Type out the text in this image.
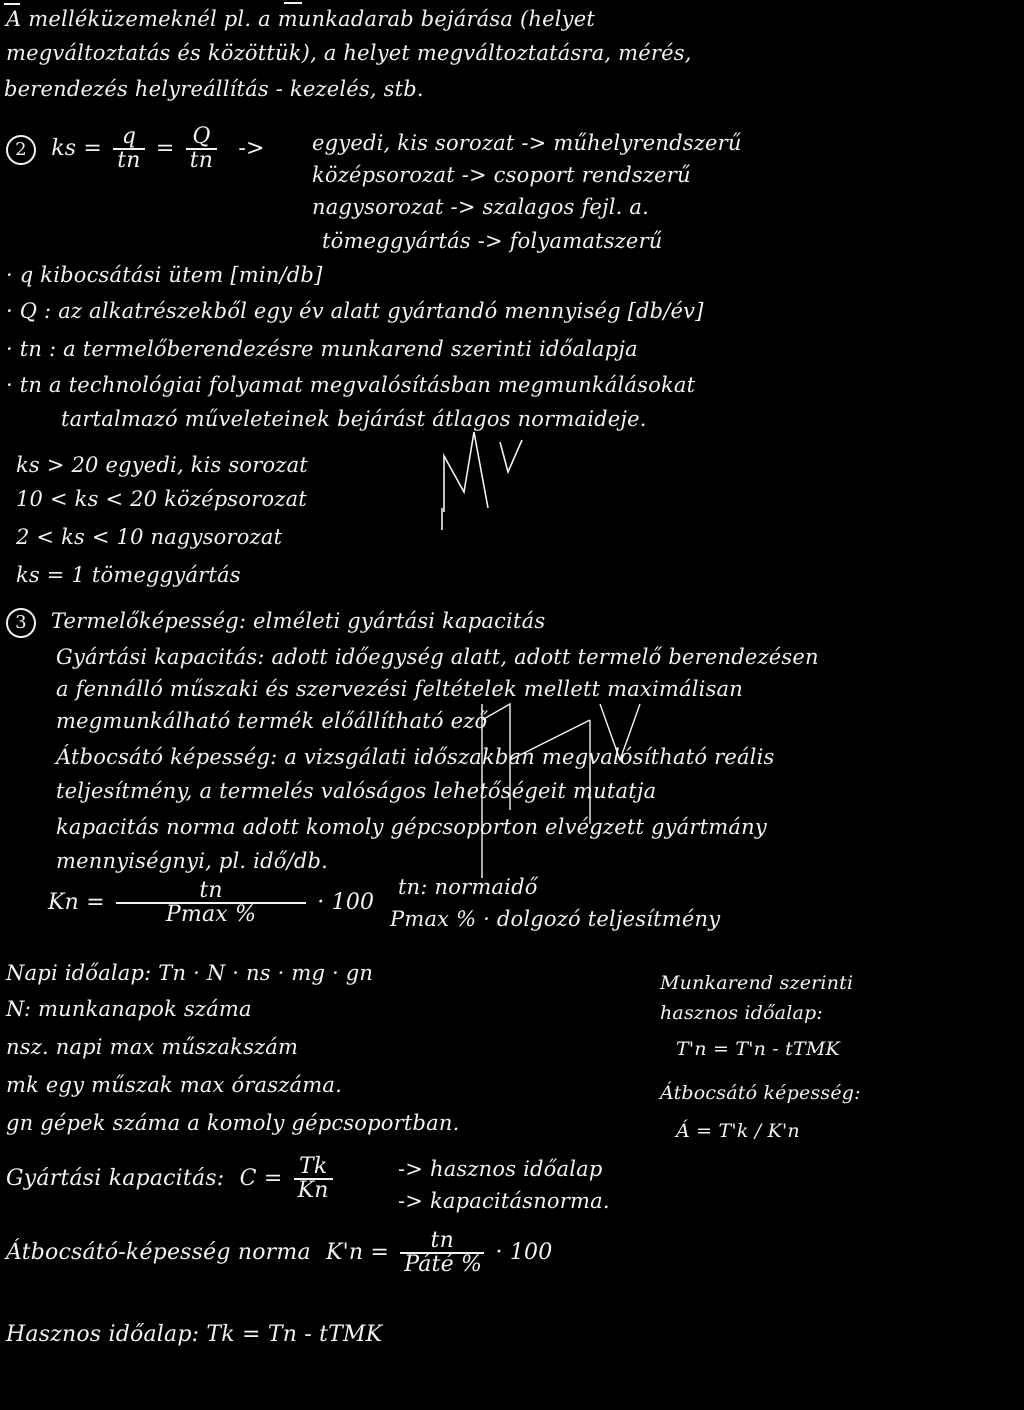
A melléküzemeknél pl. a munkadarab bejárása (helyet
megváltoztatás és közöttük), a helyet megváltoztatásra, mérés,
berendezés helyreállítás - kezelés, stb.
2 ks = $\frac{q}{tn} = \frac{Q}{tn}$ -> egyedi, kis sorozat -> műhelyrendszerű
középsorozat -> csoport rendszerű
nagysorozat -> szalagos fejl. a.
tömeggyártás -> folyamatszerű
· q kibocsátási ütem [min/db]
· Q : az alkatrészekből egy év alatt gyártandó mennyiség [db/év]
· tn : a termelőberendezésre munkarend szerinti időalapja
· tn a technológiai folyamat megvalósításban megmunkálásokat
tartalmazó műveleteinek bejárást átlagos normaideje.
ks > 20 egyedi, kis sorozat
10 < ks < 20 középsorozat
2 < ks < 10 nagysorozat
ks = 1 tömeggyártás
3 Termelőképesség: elméleti gyártási kapacitás
Gyártási kapacitás: adott időegység alatt, adott termelő berendezésen
a fennálló műszaki és szervezési feltételek mellett maximálisan
megmunkálható termék előállítható ező
Átbocsátó képesség: a vizsgálati időszakban megvalósítható reális
teljesítmény, a termelés valóságos lehetőségeit mutatja
kapacitás norma adott komoly gépcsoporton elvégzett gyártmány
mennyiségnyi, pl. idő/db.
$Kn = \frac{tn}{Pmax \%} \cdot 100$
tn: normaidő
Pmax % · dolgozó teljesítmény
Napi időalap: Tn · N · ns · mg · gn
N: munkanapok száma
nsz. napi max műszakszám
mk egy műszak max óraszáma.
gn gépek száma a komoly gépcsoportban.
Munkarend szerinti
hasznos időalap:
T'n = T'n - tTMK
Átbocsátó képesség:
Á = T'k / K'n
Gyártási kapacitás: $C = \frac{Tk}{Kn}$	-> hasznos időalap
-> kapacitásnorma.
Átbocsátó-képesség norma $K'n = \frac{tn}{\text{Páté \%}} \cdot 100$
Hasznos időalap: Tk = Tn - tTMK
